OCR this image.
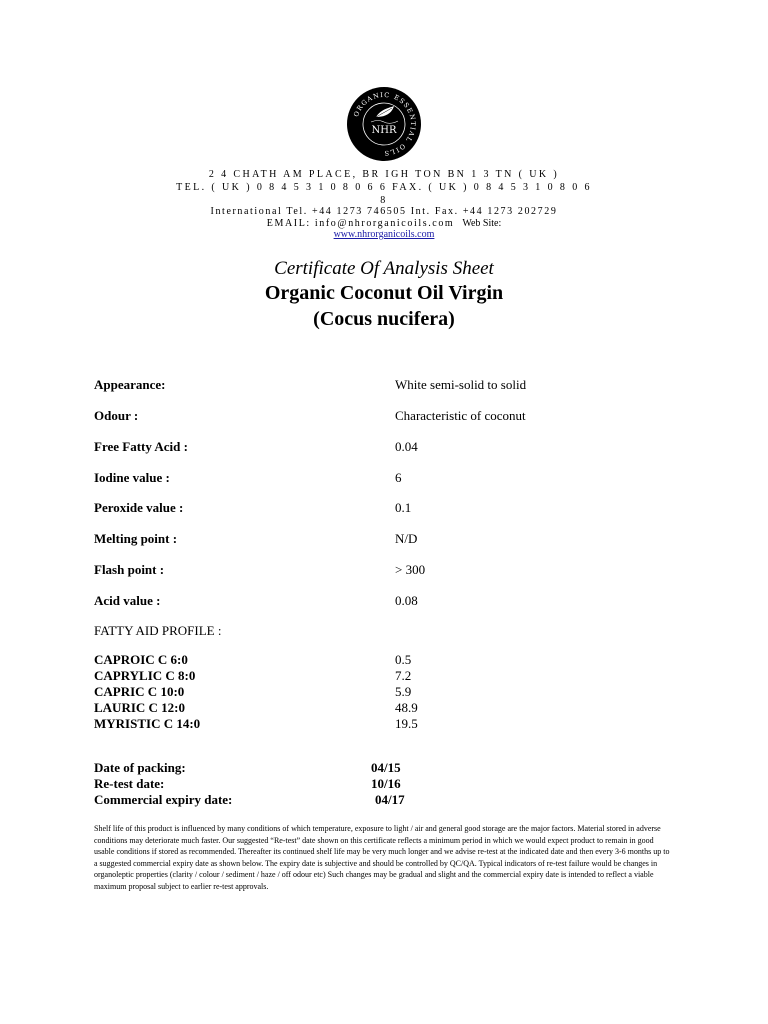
ORGANIC ESSENTIAL OILS
NHR
2 4 CHATH AM PLACE, BR IGH TON BN 1 3 TN ( UK )
TEL. ( UK ) 0 8 4 5 3 1 0 8 0 6 6 FAX. ( UK ) 0 8 4 5 3 1 0 8 0 6
8
International Tel. +44 1273 746505 Int. Fax. +44 1273 202729
EMAIL: info@nhrorganicoils.com Web Site:
www.nhrorganicoils.com
Certificate Of Analysis Sheet
Organic Coconut Oil Virgin
(Cocus nucifera)
Appearance:	White semi-solid to solid
Odour :	Characteristic of coconut
Free Fatty Acid :	0.04
Iodine value :	6
Peroxide value :	0.1
Melting point :	N/D
Flash point :	> 300
Acid value :	0.08
FATTY AID PROFILE :
CAPROIC C 6:0	0.5
CAPRYLIC C 8:0	7.2
CAPRIC C 10:0	5.9
LAURIC C 12:0	48.9
MYRISTIC C 14:0	19.5
Date of packing:	04/15
Re-test date:	10/16
Commercial expiry date:	04/17
Shelf life of this product is influenced by many conditions of which temperature, exposure to light / air and general good storage are the major factors. Material stored in adverse conditions may deteriorate much faster. Our suggested “Re-test” date shown on this certificate reflects a minimum period in which we would expect product to remain in good usable conditions if stored as recommended. Thereafter its continued shelf life may be very much longer and we advise re-test at the indicated date and then every 3-6 months up to a suggested commercial expiry date as shown below. The expiry date is subjective and should be controlled by QC/QA. Typical indicators of re-test failure would be changes in organoleptic properties (clarity / colour / sediment / haze / off odour etc) Such changes may be gradual and slight and the commercial expiry date is intended to reflect a viable maximum proposal subject to earlier re-test approvals.
